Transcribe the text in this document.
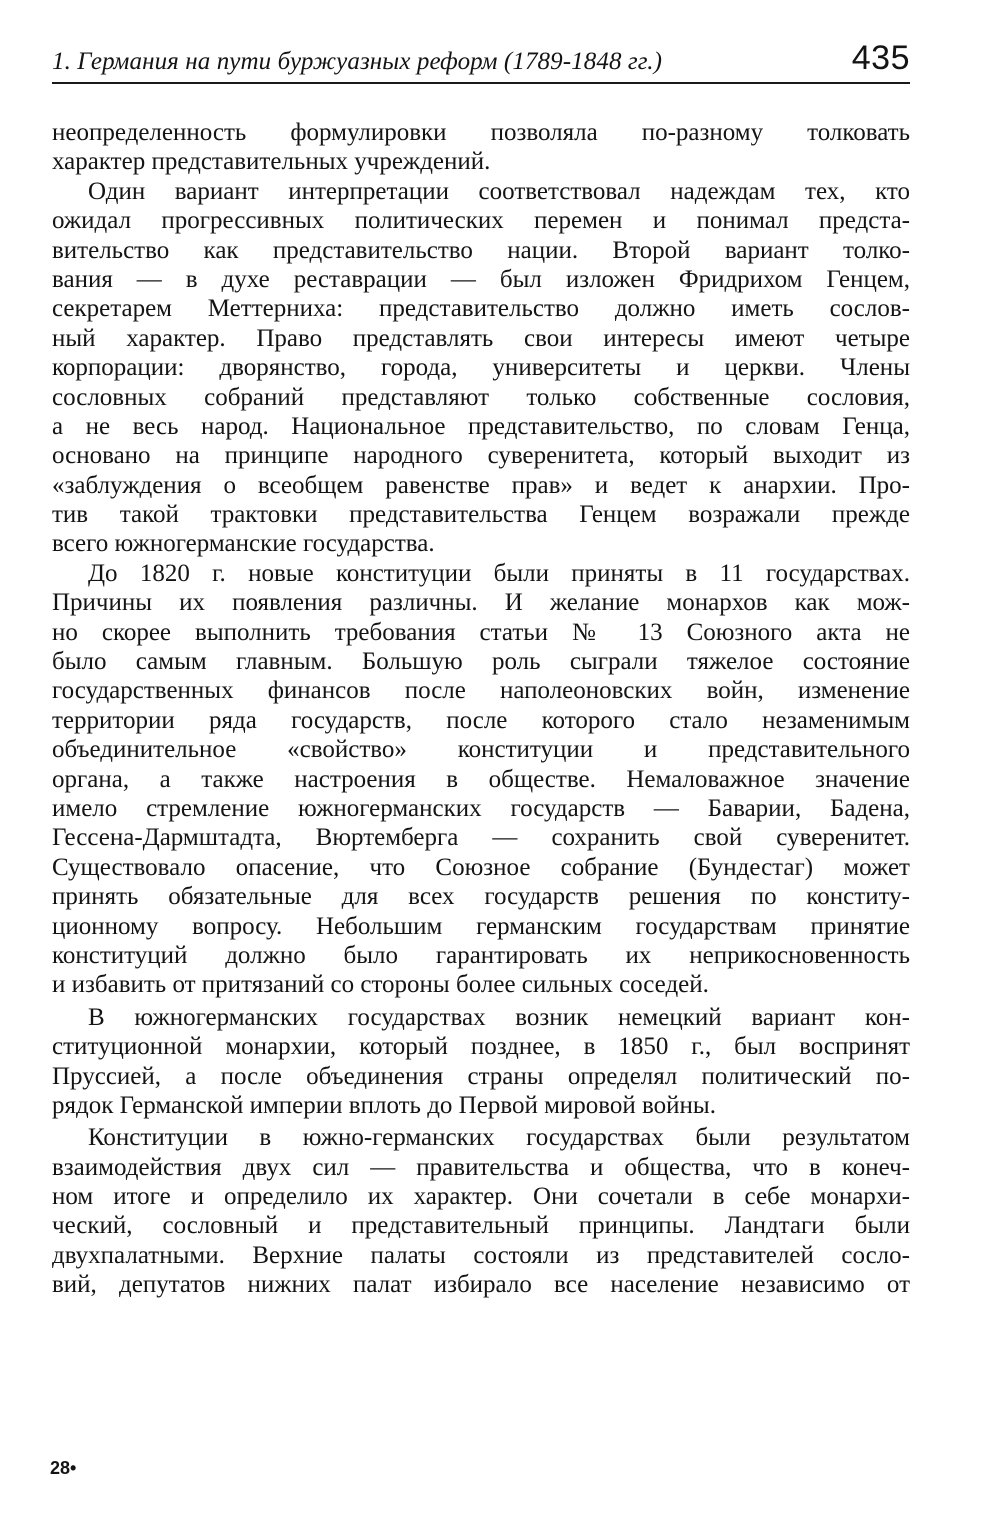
1. Германия на пути буржуазных реформ (1789-1848 гг.)	435
неопределенность формулировки позволяла по-разному толковать
характер представительных учреждений.
Один вариант интерпретации соответствовал надеждам тех, кто
ожидал прогрессивных политических перемен и понимал предста-
вительство как представительство нации. Второй вариант толко-
вания — в духе реставрации — был изложен Фридрихом Генцем,
секретарем Меттерниха: представительство должно иметь сослов-
ный характер. Право представлять свои интересы имеют четыре
корпорации: дворянство, города, университеты и церкви. Члены
сословных собраний представляют только собственные сословия,
а не весь народ. Национальное представительство, по словам Генца,
основано на принципе народного суверенитета, который выходит из
«заблуждения о всеобщем равенстве прав» и ведет к анархии. Про-
тив такой трактовки представительства Генцем возражали прежде
всего южногерманские государства.
До 1820 г. новые конституции были приняты в 11 государствах.
Причины их появления различны. И желание монархов как мож-
но скорее выполнить требования статьи № 13 Союзного акта не
было самым главным. Большую роль сыграли тяжелое состояние
государственных финансов после наполеоновских войн, изменение
территории ряда государств, после которого стало незаменимым
объединительное «свойство» конституции и представительного
органа, а также настроения в обществе. Немаловажное значение
имело стремление южногерманских государств — Баварии, Бадена,
Гессена-Дармштадта, Вюртемберга — сохранить свой суверенитет.
Существовало опасение, что Союзное собрание (Бундестаг) может
принять обязательные для всех государств решения по конститу-
ционному вопросу. Небольшим германским государствам принятие
конституций должно было гарантировать их неприкосновенность
и избавить от притязаний со стороны более сильных соседей.
В южногерманских государствах возник немецкий вариант кон-
ституционной монархии, который позднее, в 1850 г., был воспринят
Пруссией, а после объединения страны определял политический по-
рядок Германской империи вплоть до Первой мировой войны.
Конституции в южно-германских государствах были результатом
взаимодействия двух сил — правительства и общества, что в конеч-
ном итоге и определило их характер. Они сочетали в себе монархи-
ческий, сословный и представительный принципы. Ландтаги были
двухпалатными. Верхние палаты состояли из представителей сосло-
вий, депутатов нижних палат избирало все население независимо от
28•
